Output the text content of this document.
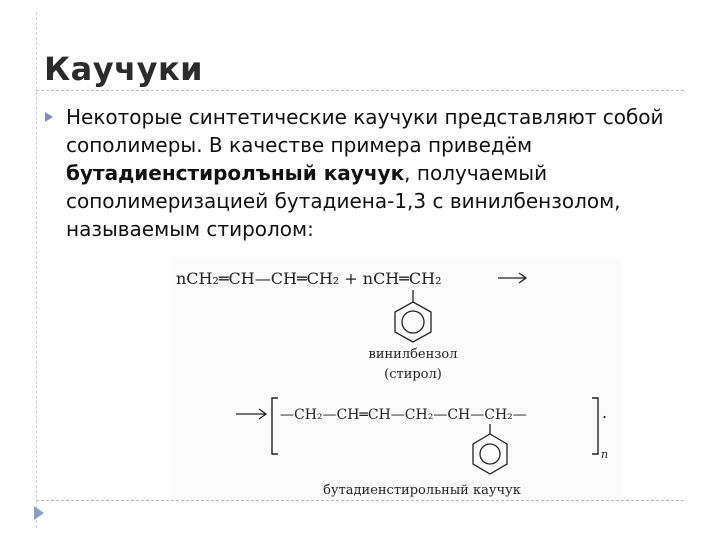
Каучуки
Некоторые синтетические каучуки представляют собой сополимеры. В качестве примера приведём бутадиенстиролъный каучук, получаемый сополимеризацией бутадиена-1,3 с винилбензолом, называемым стиролом:
nCH₂═CH—CH═CH₂ + nCH═CH₂
винилбензол
(стирол)
—CH₂—CH═CH—CH₂—CH—CH₂—
n
.
бутадиенстирольный каучук
